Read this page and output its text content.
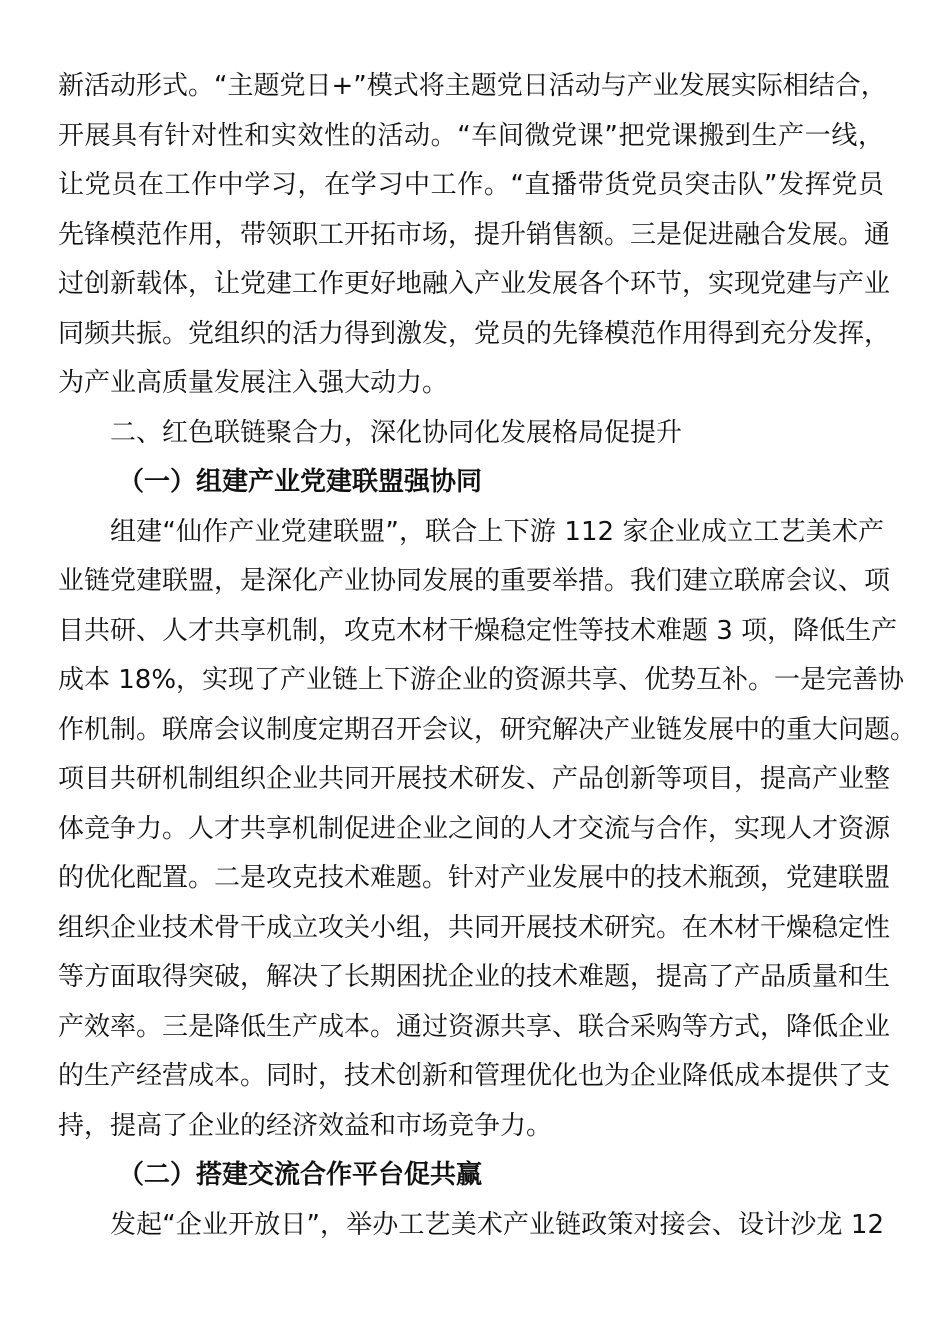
新活动形式。“主题党日+”模式将主题党日活动与产业发展实际相结合，
开展具有针对性和实效性的活动。“车间微党课”把党课搬到生产一线，
让党员在工作中学习，在学习中工作。“直播带货党员突击队”发挥党员
先锋模范作用，带领职工开拓市场，提升销售额。三是促进融合发展。通
过创新载体，让党建工作更好地融入产业发展各个环节，实现党建与产业
同频共振。党组织的活力得到激发，党员的先锋模范作用得到充分发挥，
为产业高质量发展注入强大动力。
二、红色联链聚合力，深化协同化发展格局促提升
（一）组建产业党建联盟强协同
组建“仙作产业党建联盟”，联合上下游 112 家企业成立工艺美术产
业链党建联盟，是深化产业协同发展的重要举措。我们建立联席会议、项
目共研、人才共享机制，攻克木材干燥稳定性等技术难题 3 项，降低生产
成本 18%，实现了产业链上下游企业的资源共享、优势互补。一是完善协
作机制。联席会议制度定期召开会议，研究解决产业链发展中的重大问题。
项目共研机制组织企业共同开展技术研发、产品创新等项目，提高产业整
体竞争力。人才共享机制促进企业之间的人才交流与合作，实现人才资源
的优化配置。二是攻克技术难题。针对产业发展中的技术瓶颈，党建联盟
组织企业技术骨干成立攻关小组，共同开展技术研究。在木材干燥稳定性
等方面取得突破，解决了长期困扰企业的技术难题，提高了产品质量和生
产效率。三是降低生产成本。通过资源共享、联合采购等方式，降低企业
的生产经营成本。同时，技术创新和管理优化也为企业降低成本提供了支
持，提高了企业的经济效益和市场竞争力。
（二）搭建交流合作平台促共赢
发起“企业开放日”，举办工艺美术产业链政策对接会、设计沙龙 12
